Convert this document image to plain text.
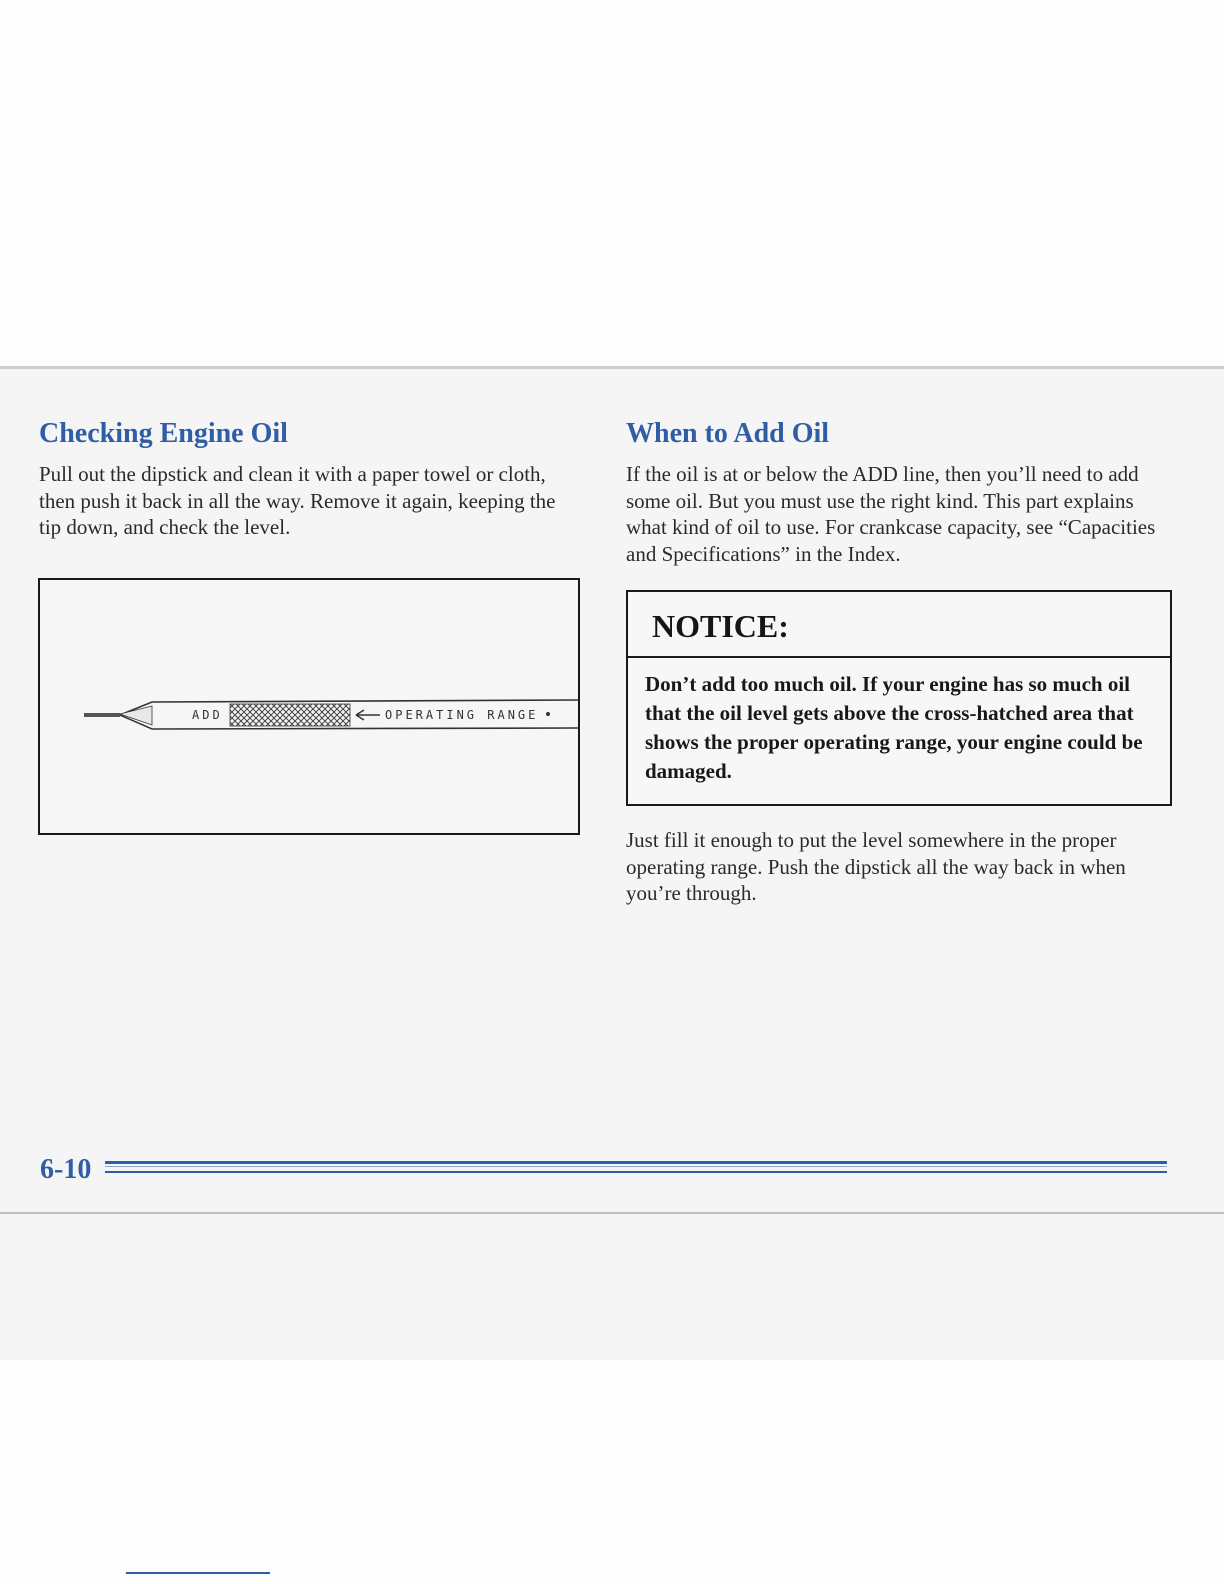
Checking Engine Oil

Pull out the dipstick and clean it with a paper towel or cloth, then push it back in all the way. Remove it again, keeping the tip down, and check the level.

ADD	OPERATING RANGE
When to Add Oil

If the oil is at or below the ADD line, then you’ll need to add some oil. But you must use the right kind. This part explains what kind of oil to use. For crankcase capacity, see “Capacities and Specifications” in the Index.

NOTICE:
Don’t add too much oil. If your engine has so much oil that the oil level gets above the cross-hatched area that shows the proper operating range, your engine could be damaged.

Just fill it enough to put the level somewhere in the proper operating range. Push the dipstick all the way back in when you’re through.

6-10
